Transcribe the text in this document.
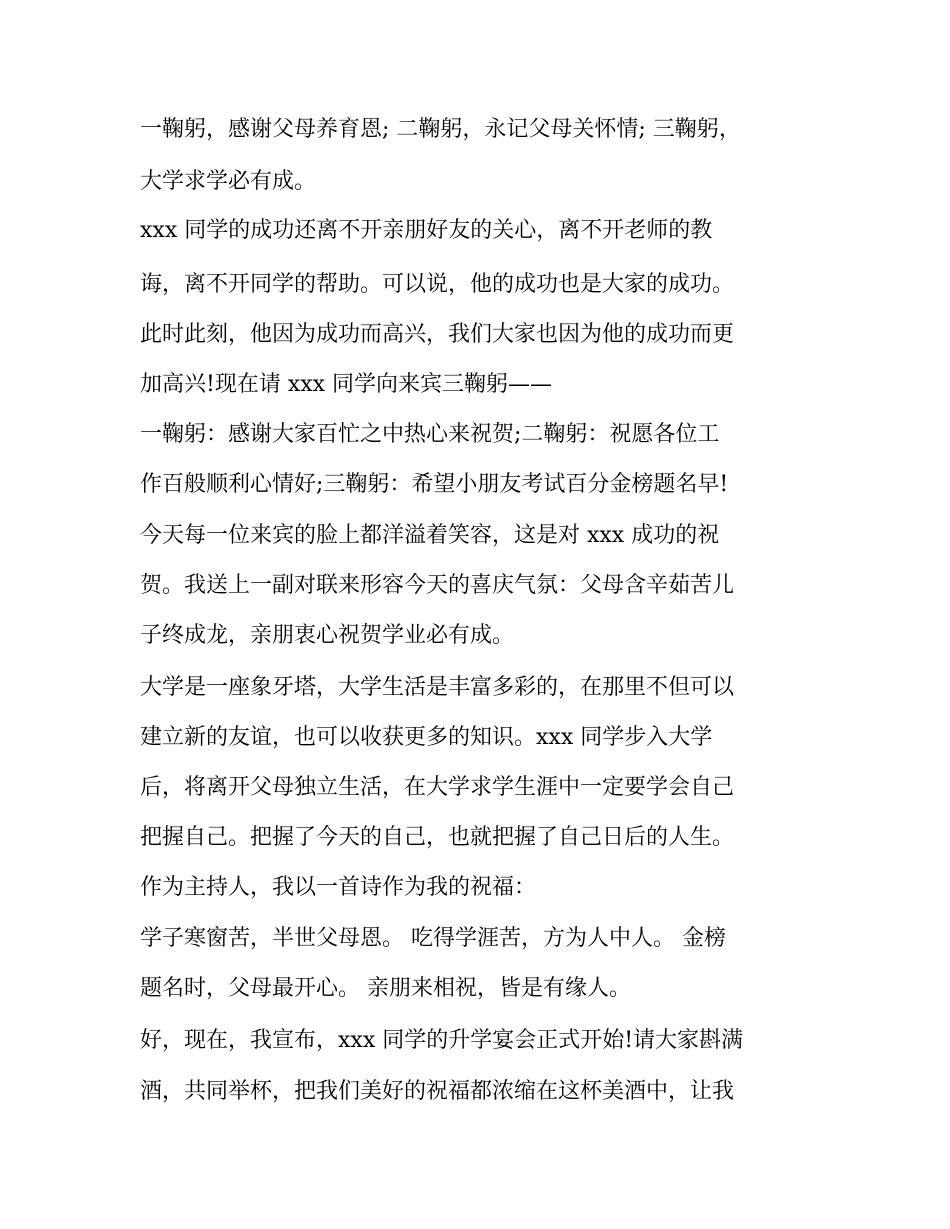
一鞠躬，感谢父母养育恩; 二鞠躬，永记父母关怀情; 三鞠躬，
大学求学必有成。
xxx 同学的成功还离不开亲朋好友的关心，离不开老师的教
诲，离不开同学的帮助。可以说，他的成功也是大家的成功。
此时此刻，他因为成功而高兴，我们大家也因为他的成功而更
加高兴!现在请 xxx 同学向来宾三鞠躬——
一鞠躬：感谢大家百忙之中热心来祝贺;二鞠躬：祝愿各位工
作百般顺利心情好;三鞠躬：希望小朋友考试百分金榜题名早!
今天每一位来宾的脸上都洋溢着笑容，这是对 xxx 成功的祝
贺。我送上一副对联来形容今天的喜庆气氛：父母含辛茹苦儿
子终成龙，亲朋衷心祝贺学业必有成。
大学是一座象牙塔，大学生活是丰富多彩的，在那里不但可以
建立新的友谊，也可以收获更多的知识。xxx 同学步入大学
后，将离开父母独立生活，在大学求学生涯中一定要学会自己
把握自己。把握了今天的自己，也就把握了自己日后的人生。
作为主持人，我以一首诗作为我的祝福：
学子寒窗苦，半世父母恩。 吃得学涯苦，方为人中人。 金榜
题名时，父母最开心。 亲朋来相祝，皆是有缘人。
好，现在，我宣布，xxx 同学的升学宴会正式开始!请大家斟满
酒，共同举杯，把我们美好的祝福都浓缩在这杯美酒中，让我
